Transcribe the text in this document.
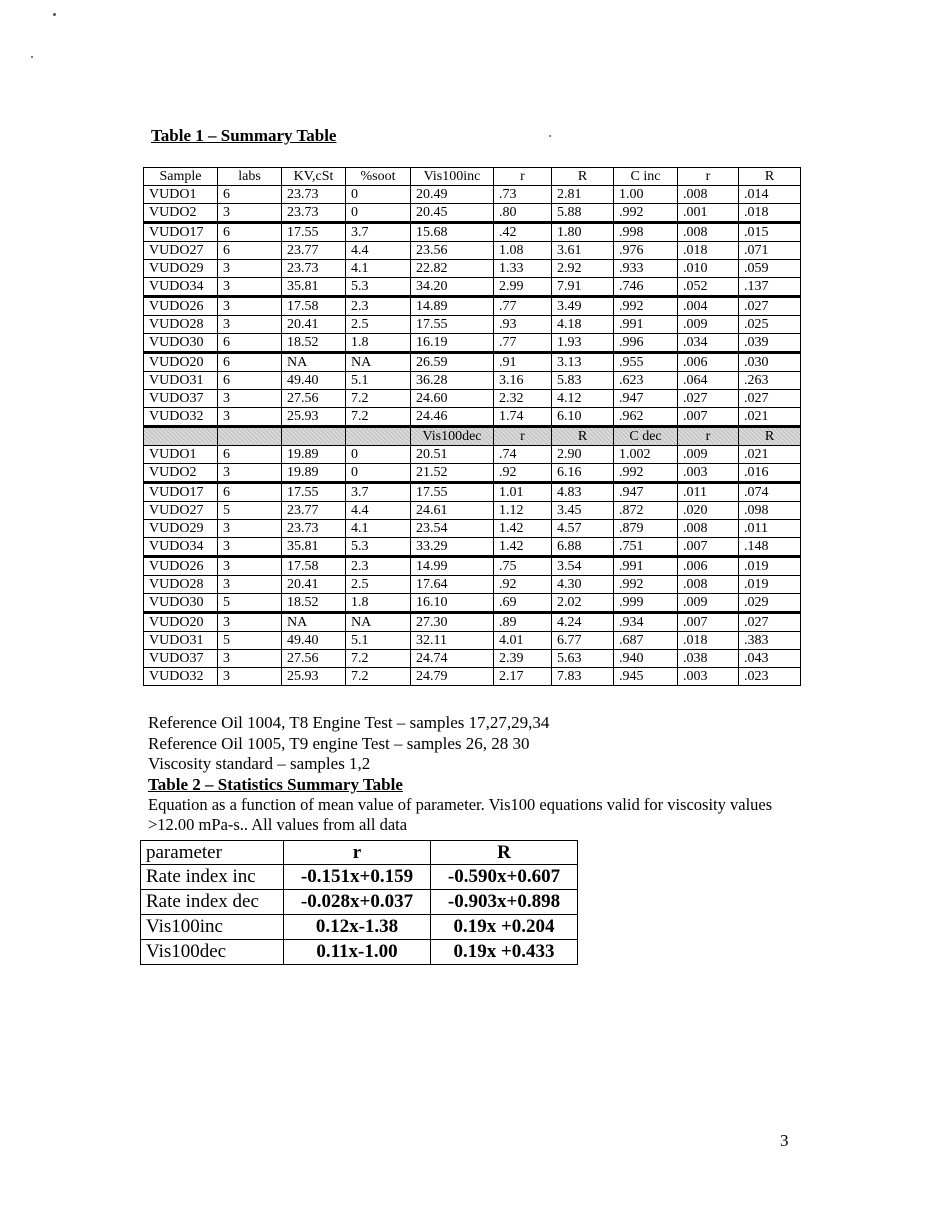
Table 1 – Summary Table
Sample	labs	KV,cSt	%soot	Vis100inc	r	R	C inc	r	R
VUDO1	6	23.73	0	20.49	.73	2.81	1.00	.008	.014
VUDO2	3	23.73	0	20.45	.80	5.88	.992	.001	.018
VUDO17	6	17.55	3.7	15.68	.42	1.80	.998	.008	.015
VUDO27	6	23.77	4.4	23.56	1.08	3.61	.976	.018	.071
VUDO29	3	23.73	4.1	22.82	1.33	2.92	.933	.010	.059
VUDO34	3	35.81	5.3	34.20	2.99	7.91	.746	.052	.137
VUDO26	3	17.58	2.3	14.89	.77	3.49	.992	.004	.027
VUDO28	3	20.41	2.5	17.55	.93	4.18	.991	.009	.025
VUDO30	6	18.52	1.8	16.19	.77	1.93	.996	.034	.039
VUDO20	6	NA	NA	26.59	.91	3.13	.955	.006	.030
VUDO31	6	49.40	5.1	36.28	3.16	5.83	.623	.064	.263
VUDO37	3	27.56	7.2	24.60	2.32	4.12	.947	.027	.027
VUDO32	3	25.93	7.2	24.46	1.74	6.10	.962	.007	.021
				Vis100dec	r	R	C dec	r	R
VUDO1	6	19.89	0	20.51	.74	2.90	1.002	.009	.021
VUDO2	3	19.89	0	21.52	.92	6.16	.992	.003	.016
VUDO17	6	17.55	3.7	17.55	1.01	4.83	.947	.011	.074
VUDO27	5	23.77	4.4	24.61	1.12	3.45	.872	.020	.098
VUDO29	3	23.73	4.1	23.54	1.42	4.57	.879	.008	.011
VUDO34	3	35.81	5.3	33.29	1.42	6.88	.751	.007	.148
VUDO26	3	17.58	2.3	14.99	.75	3.54	.991	.006	.019
VUDO28	3	20.41	2.5	17.64	.92	4.30	.992	.008	.019
VUDO30	5	18.52	1.8	16.10	.69	2.02	.999	.009	.029
VUDO20	3	NA	NA	27.30	.89	4.24	.934	.007	.027
VUDO31	5	49.40	5.1	32.11	4.01	6.77	.687	.018	.383
VUDO37	3	27.56	7.2	24.74	2.39	5.63	.940	.038	.043
VUDO32	3	25.93	7.2	24.79	2.17	7.83	.945	.003	.023
Reference Oil 1004, T8 Engine Test – samples 17,27,29,34
Reference Oil 1005, T9 engine Test – samples 26, 28 30
Viscosity standard – samples 1,2
Table 2 – Statistics Summary Table
Equation as a function of mean value of parameter. Vis100 equations valid for viscosity values >12.00 mPa-s.. All values from all data
parameter	r	R
Rate index inc	-0.151x+0.159	-0.590x+0.607
Rate index dec	-0.028x+0.037	-0.903x+0.898
Vis100inc	0.12x-1.38	0.19x +0.204
Vis100dec	0.11x-1.00	0.19x +0.433
3
